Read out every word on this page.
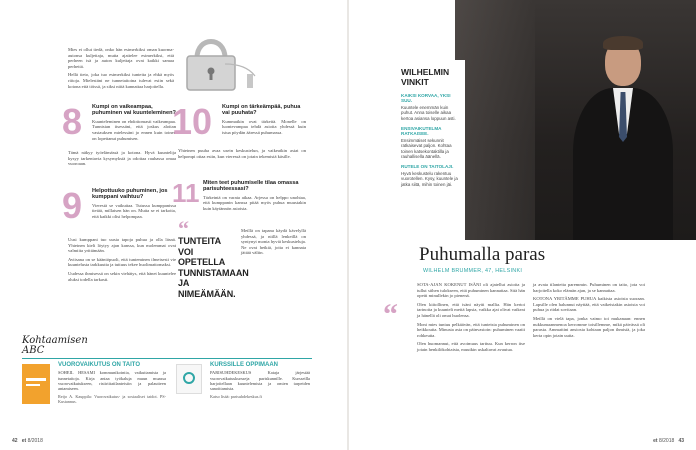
Mies ei ollut tiedä, onko hän esimerkiksi oman kuorma-autonsa kuljettaja, mutta ajattelee esimerkiksi, että perheen isä ja auton kuljettaja ovat kaikki samaa perhettä.

Hellä tieto, joka tuo esimerkiksi tunteita ja ehkä myös riitoja. Mielestäni ne tunnetaitoina tulevat esiin sekä kotona että töissä, ja siksi niitä kannattaa harjoitella.

8 Kumpi on vaikeampaa, puhuminen vai kuunteleminen?

Kuunteleminen on ehdottomasti vaikeampaa. Tunnistan itsessäni, että joskus aloitan vastauksen mielessäni jo ennen kuin toinen on lopettanut puhumisen.

Tämä näkyy työelämässä ja kotona. Hyvä kuuntelija kysyy tarkentavia kysymyksiä ja odottaa rauhassa omaa vuoroaan.

9 Helpottuuko puhuminen, jos kumppani vaihtuu?

Vierestä se vaikuttaa. Tutussa kumppanissa tietää, millaisen hän on. Mutta se ei tarkoita, että kaikki olisi helpompaa.

Uusi kumppani tuo uusia tapoja puhua ja olla läsnä. Yhteinen kieli löytyy ajan kanssa, kun molemmat ovat valmiita yrittämään.

Aviisana on se kääntöpuoli, että tunteminen ilmeisesti vie kuuntelusta tarkkuutta ja tuttuus tekee huolimattomaksi.

Uudessa ihmisessä on sekin viehätys, että hänet kuuntelee aluksi todella tarkasti.

10 Kumpi on tärkeämpää, puhua vai puuhata?

Kummatkin ovat tärkeitä. Monelle on luontevampaa tehdä asioita yhdessä kuin istua pöydän ääressä puhumassa.

Yhteinen puuha avaa usein keskustelun, ja vaikeatkin asiat on helpompi ottaa esiin, kun vieressä on jotain tekemistä käsille.

11 Miten teet puhumiselle tilaa omassa parisuhteessasi?

Tärkeintä on varata aikaa. Arjessa on helppo unohtaa, että kumppanin kanssa pitää myös puhua muustakin kuin käytännön asioista.

Meillä on tapana käydä kävelyllä yhdessä, ja niillä lenkeillä on syntynyt monia hyviä keskusteluja. Ne ovat hetkiä, joita ei kannata jättää väliin.

“
TUNTEITA VOI OPETELLA TUNNISTAMAAN JA NIMEÄMÄÄN.
Kohtaamisen ABC
VUOROVAIKUTUS ON TAITO
SOHEIL HESAMI kommunikointia, vaikuttamista ja tunnetaitoja. Kirja antaa työkaluja muun muassa vuorovaikutukseen, ristiriitatilanteisiin ja palautteen antamiseen.
Reijo A. Kauppila: Vuorovaikutus- ja sosiaaliset taidot. PS-Kustannus.
KURSSILLE OPPIMAAN
PARISUHDEKESKUS Kataja järjestää vuorovaikutuskursseja pariskunnille. Kursseilla harjoitellaan kuuntelemista ja omien tarpeiden sanoittamista.
Katso lisää: parisuhdekeskus.fi
42 et 8/2018
WILHELMIN VINKIT
KAIKSI KORVAA, YKSI SUU.
Kuuntele enemmän kuin puhut. Anna toiselle aikaa kertoa asiansa loppuun asti.
ENSIVAIKUTELMA RATKAISEE.
Ensimmäiset sekunnit ratkaisevat paljon. Kohtaa toinen katsekontaktilla ja rauhallisella äänellä.
RUTELE ON TAITOLAJI.
Hyvä keskustelu rakentuu vuorotellen. Kysy, kuuntele ja jatka siitä, mihin toinen jäi.
Puhumalla paras
WILHELM BRUMMER, 47, HELSINKI
“

SOTA-AJAN KOKENUT ISÄNI oli ajatellut asioita ja tullut siihen tulokseen, että puhuminen kannattaa. Sitä hän opetti minullekin jo pienenä.

Olen kiitollinen, että isäni näytti mallia. Hän kertoi tarinoita ja kuunteli meitä lapsia, vaikka ajat olivat vaikeat ja hänellä oli omat huolensa.

Moni mies tuntuu pelkäävän, että tunteista puhuminen on heikkoutta. Minusta asia on päinvastoin: puhuminen vaatii rohkeutta.

Olen huomannut, että avoimuus tarttuu. Kun kerron itse jotain henkilökohtaista, muutkin uskaltavat avautua.

ja avata tilanteita paremmin. Puhuminen on taito, jota voi harjoitella koko elämän ajan, ja se kannattaa.

KOTONA YRITÄMME PUHUA kaikista asioista suoraan. Lapsille olen halunnut näyttää, että vaikeistakin asioista voi puhua ja riidat sovitaan.

Meillä on vielä tapa, jonka vaimo toi mukanaan: ennen nukkumaanmenoa kerromme toisillemme, mikä päivässä oli parasta. Ammattini ansiosta kohtaan paljon ihmisiä, ja joka kerta opin jotain uutta.

et 8/2018 43
